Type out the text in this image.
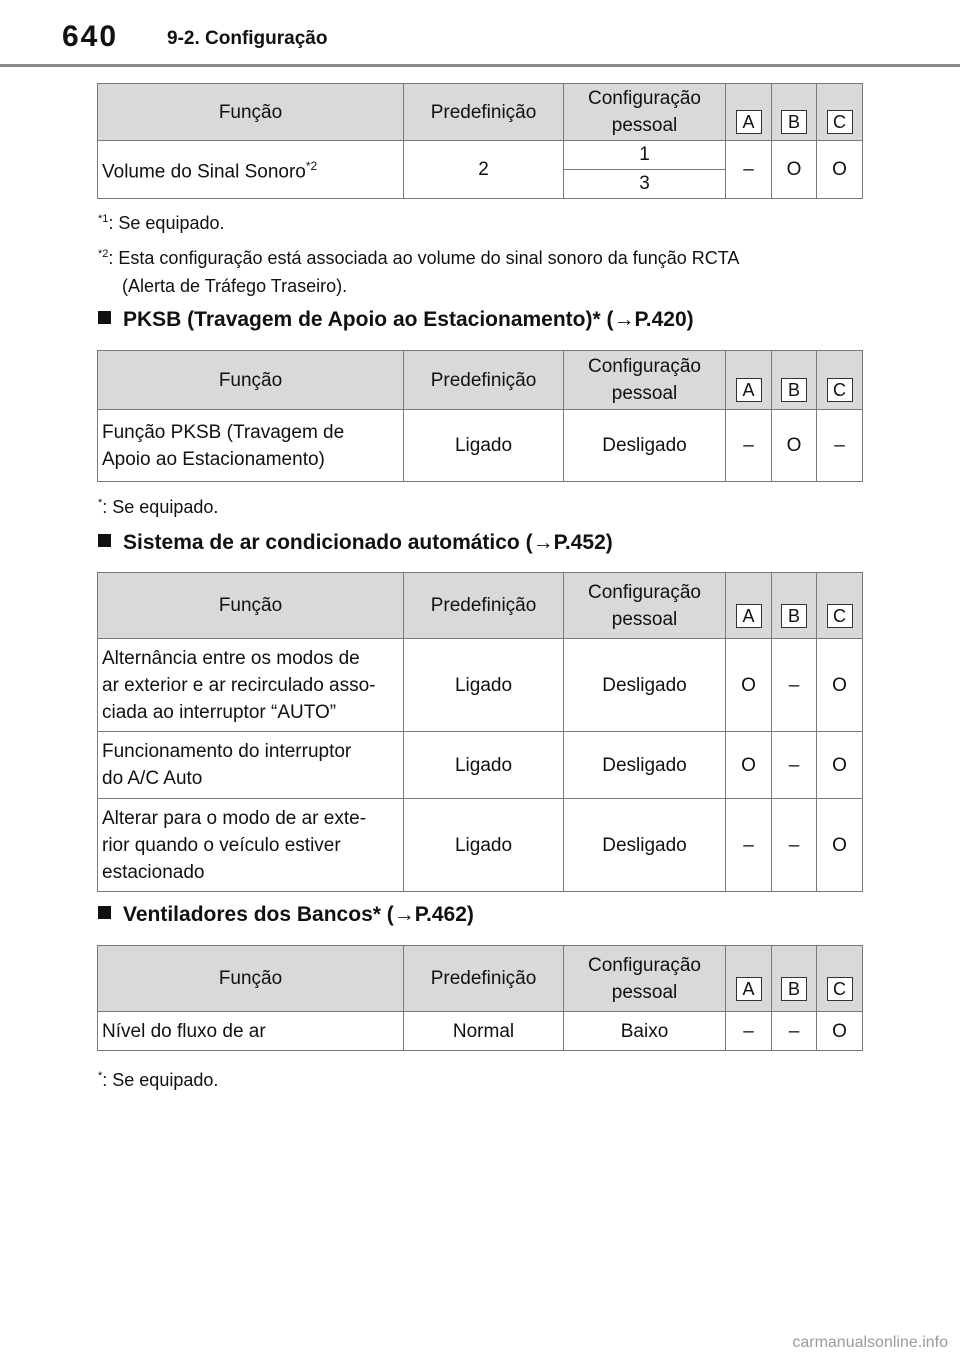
640	9-2. Configuração
Função	Predefinição	Configuração
pessoal	A	B	C
Volume do Sinal Sonoro$^{*2}$	2	1	–	O	O
		3			
$^{*1}$: Se equipado.
$^{*2}$: Esta configuração está associada ao volume do sinal sonoro da função RCTA
(Alerta de Tráfego Traseiro).
PKSB (Travagem de Apoio ao Estacionamento)* (→P.420)
Função	Predefinição	Configuração
pessoal	A	B	C
Função PKSB (Travagem de
Apoio ao Estacionamento)	Ligado	Desligado	–	O	–
*: Se equipado.
Sistema de ar condicionado automático (→P.452)
Função	Predefinição	Configuração
pessoal	A	B	C
Alternância entre os modos de
ar exterior e ar recirculado asso-
ciada ao interruptor “AUTO”	Ligado	Desligado	O	–	O
Funcionamento do interruptor
do A/C Auto	Ligado	Desligado	O	–	O
Alterar para o modo de ar exte-
rior quando o veículo estiver
estacionado	Ligado	Desligado	–	–	O
Ventiladores dos Bancos* (→P.462)
Função	Predefinição	Configuração
pessoal	A	B	C
Nível do fluxo de ar	Normal	Baixo	–	–	O
*: Se equipado.
carmanualsonline.info
